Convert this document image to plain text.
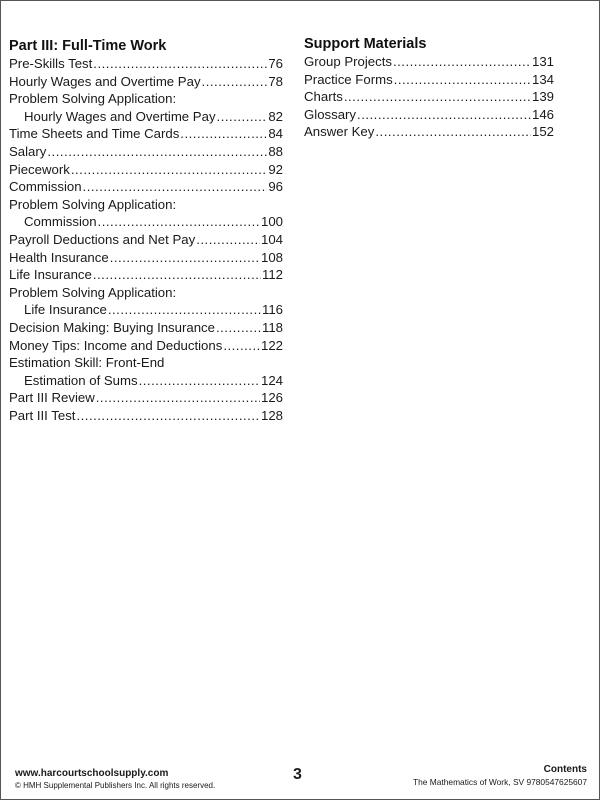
Part III: Full-Time Work
Pre-Skills Test .....	76
Hourly Wages and Overtime Pay .....	78
Problem Solving Application:
Hourly Wages and Overtime Pay .....	82
Time Sheets and Time Cards .....	84
Salary .....	88
Piecework .....	92
Commission .....	96
Problem Solving Application:
Commission .....	100
Payroll Deductions and Net Pay .....	104
Health Insurance .....	108
Life Insurance .....	112
Problem Solving Application:
Life Insurance .....	116
Decision Making: Buying Insurance .....	118
Money Tips: Income and Deductions .....	122
Estimation Skill: Front-End
Estimation of Sums .....	124
Part III Review .....	126
Part III Test .....	128
Support Materials
Group Projects .....	131
Practice Forms .....	134
Charts .....	139
Glossary .....	146
Answer Key .....	152
www.harcourtschoolsupply.com
© HMH Supplemental Publishers Inc. All rights reserved.
3	Contents
The Mathematics of Work, SV 9780547625607
